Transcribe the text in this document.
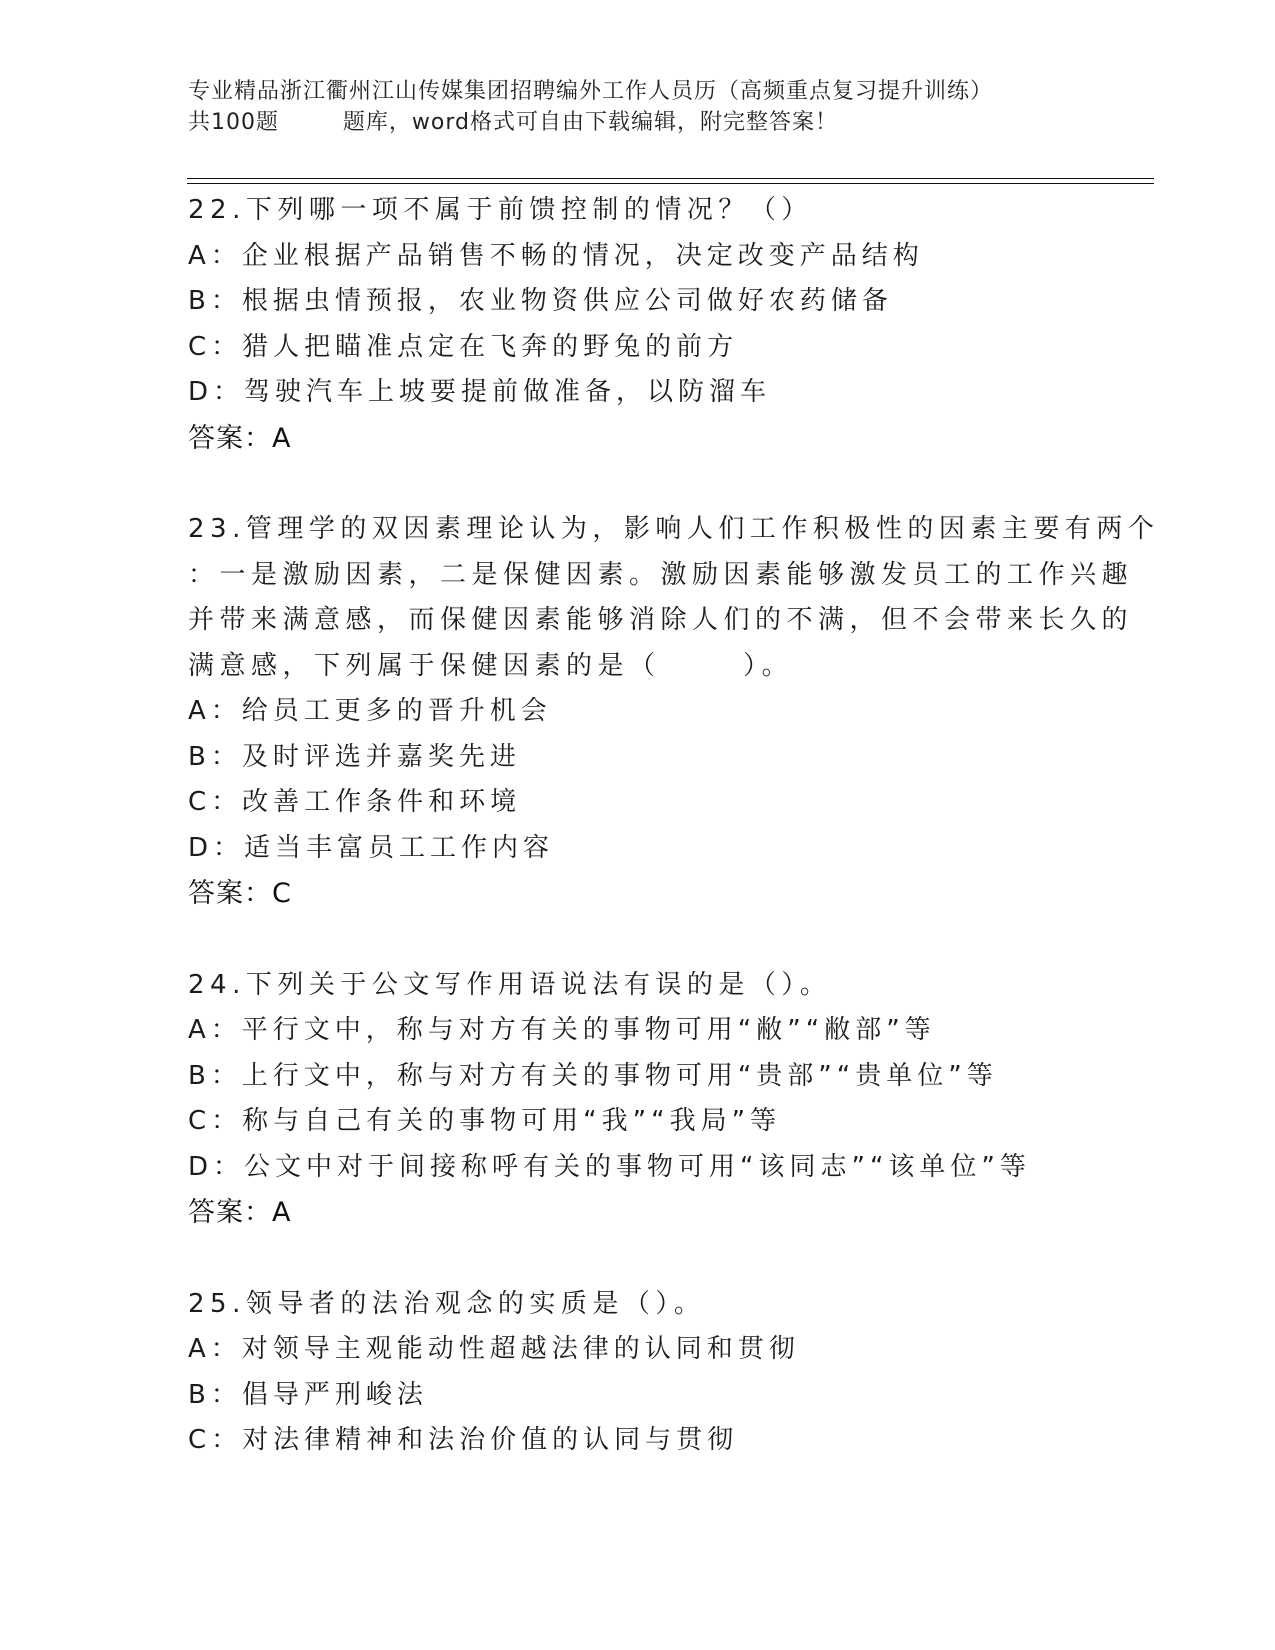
专业精品浙江衢州江山传媒集团招聘编外工作人员历（高频重点复习提升训练）
共100题        题库，word格式可自由下载编辑，附完整答案！
22.下列哪一项不属于前馈控制的情况？（）
A：企业根据产品销售不畅的情况，决定改变产品结构
B：根据虫情预报，农业物资供应公司做好农药储备
C：猎人把瞄准点定在飞奔的野兔的前方
D：驾驶汽车上坡要提前做准备，以防溜车
答案：A
23.管理学的双因素理论认为，影响人们工作积极性的因素主要有两个
：一是激励因素，二是保健因素。激励因素能够激发员工的工作兴趣
并带来满意感，而保健因素能够消除人们的不满，但不会带来长久的
满意感，下列属于保健因素的是（      ）。
A：给员工更多的晋升机会
B：及时评选并嘉奖先进
C：改善工作条件和环境
D：适当丰富员工工作内容
答案：C
24.下列关于公文写作用语说法有误的是（）。
A：平行文中，称与对方有关的事物可用“敝”“敝部”等
B：上行文中，称与对方有关的事物可用“贵部”“贵单位”等
C：称与自己有关的事物可用“我”“我局”等
D：公文中对于间接称呼有关的事物可用“该同志”“该单位”等
答案：A
25.领导者的法治观念的实质是（）。
A：对领导主观能动性超越法律的认同和贯彻
B：倡导严刑峻法
C：对法律精神和法治价值的认同与贯彻
